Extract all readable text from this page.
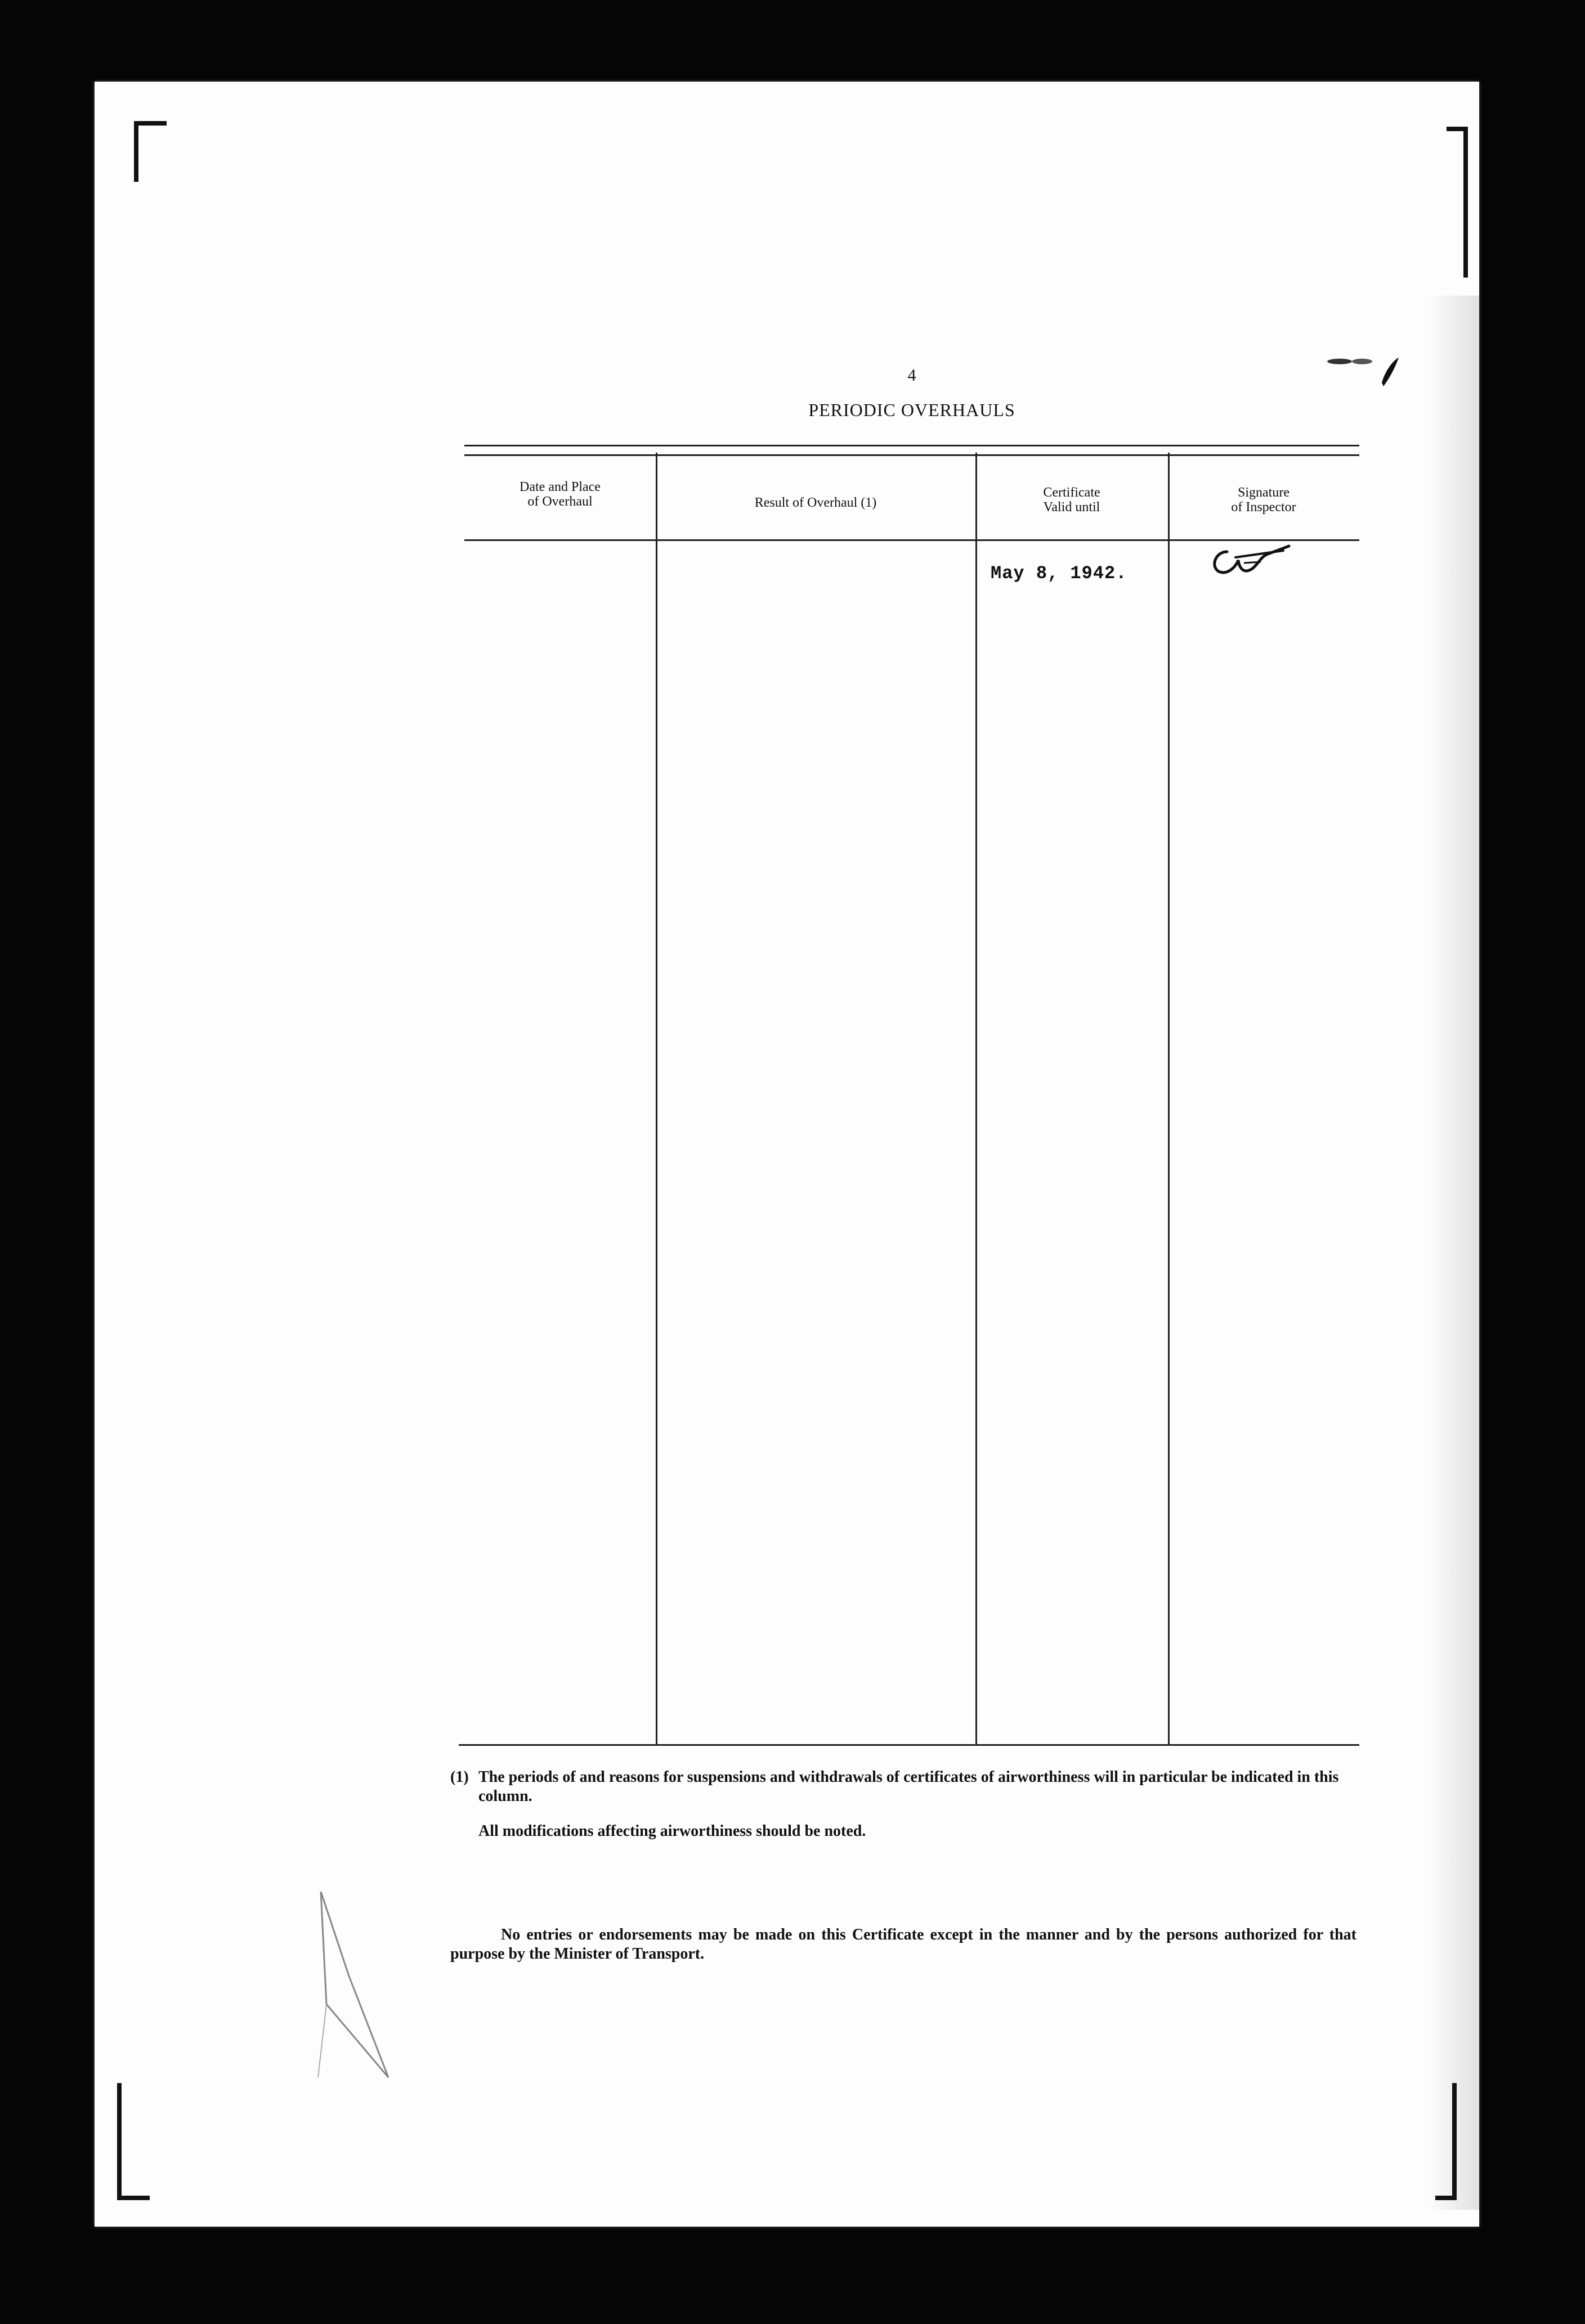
4
PERIODIC OVERHAULS
Date and Place
of Overhaul	Result of Overhaul (1)
Certificate
Valid until
Signature
of Inspector
May 8, 1942.
(1) The periods of and reasons for suspensions and withdrawals of certificates of airworthiness will in particular be indicated in this column.
All modifications affecting airworthiness should be noted.
No entries or endorsements may be made on this Certificate except in the manner and by the persons authorized for that purpose by the Minister of Transport.
